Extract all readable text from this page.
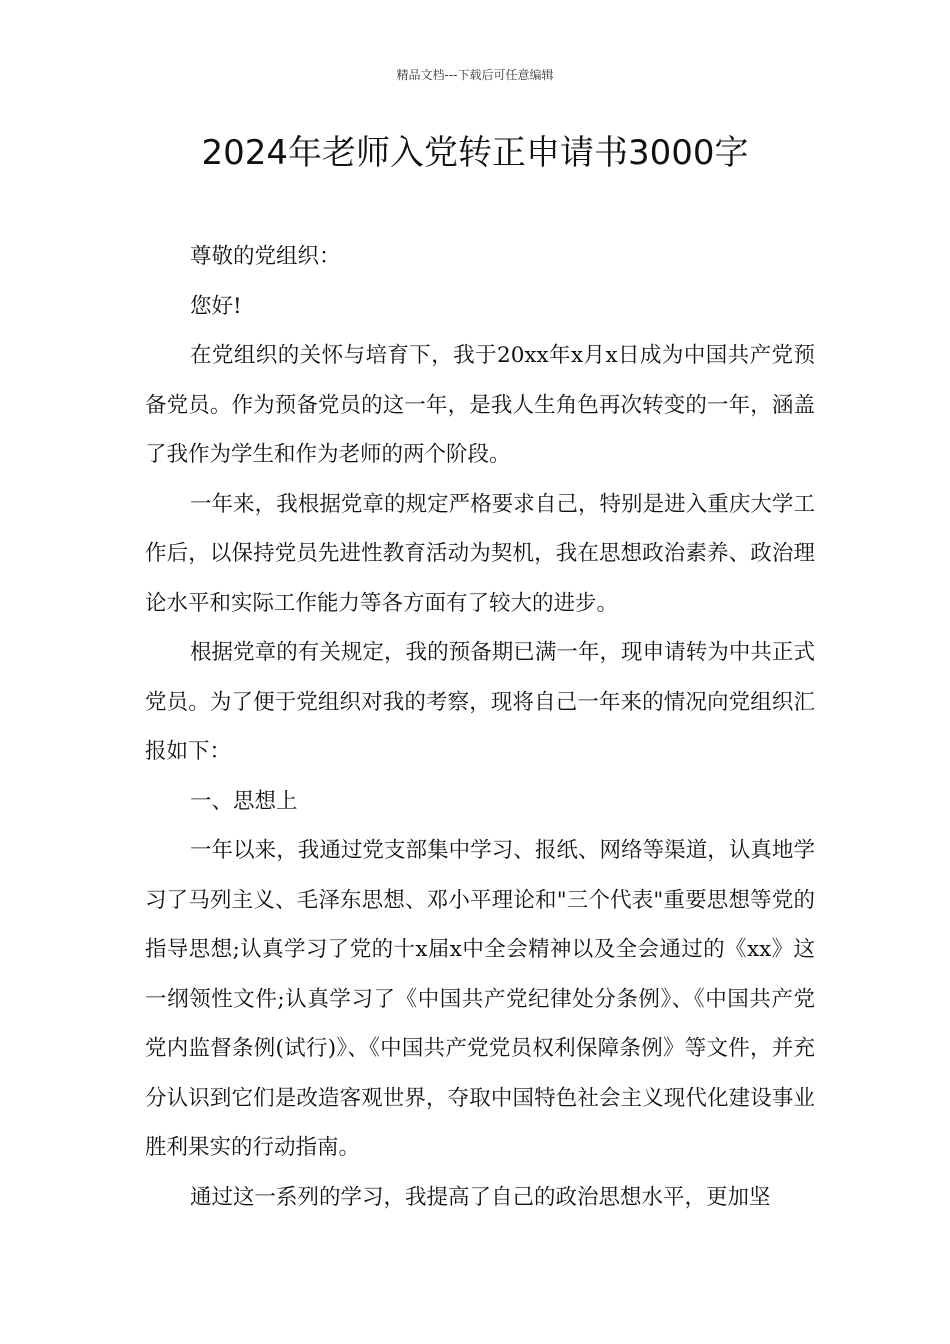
精品文档---下载后可任意编辑
2024年老师入党转正申请书3000字

尊敬的党组织：

您好!

在党组织的关怀与培育下，我于20xx年x月x日成为中国共产党预备党员。作为预备党员的这一年，是我人生角色再次转变的一年，涵盖了我作为学生和作为老师的两个阶段。

一年来，我根据党章的规定严格要求自己，特别是进入重庆大学工作后，以保持党员先进性教育活动为契机，我在思想政治素养、政治理论水平和实际工作能力等各方面有了较大的进步。

根据党章的有关规定，我的预备期已满一年，现申请转为中共正式党员。为了便于党组织对我的考察，现将自己一年来的情况向党组织汇报如下：

一、思想上

一年以来，我通过党支部集中学习、报纸、网络等渠道，认真地学习了马列主义、毛泽东思想、邓小平理论和"三个代表"重要思想等党的指导思想;认真学习了党的十x届x中全会精神以及全会通过的《xx》这一纲领性文件;认真学习了《中国共产党纪律处分条例》、《中国共产党党内监督条例(试行)》、《中国共产党党员权利保障条例》等文件，并充分认识到它们是改造客观世界，夺取中国特色社会主义现代化建设事业胜利果实的行动指南。

通过这一系列的学习，我提高了自己的政治思想水平，更加坚
